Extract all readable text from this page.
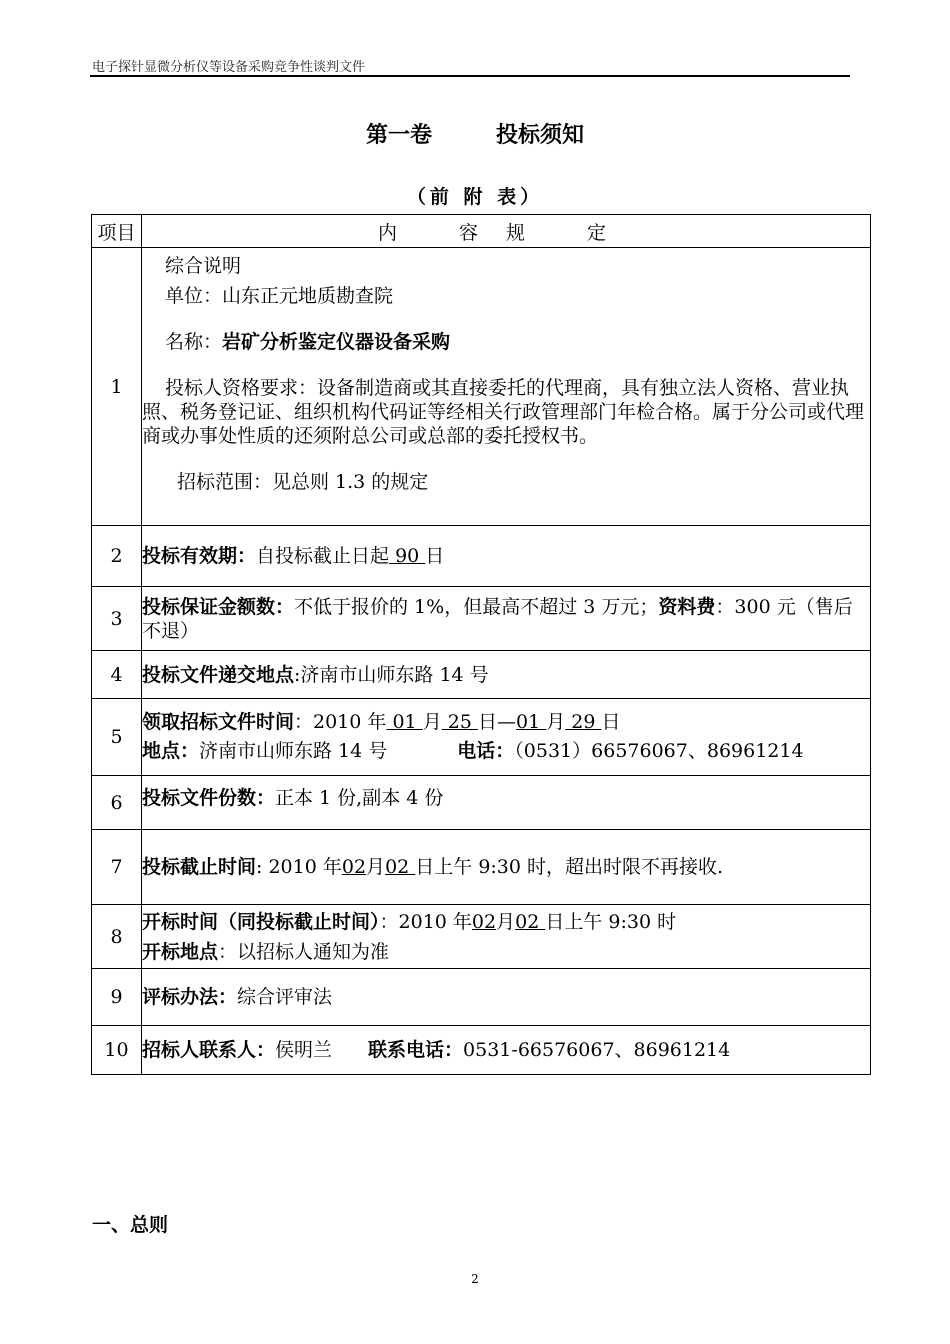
电子探针显微分析仪等设备采购竞争性谈判文件
第一卷	投标须知
（前 附 表）
项目	内 容规 定
1	综合说明
单位：山东正元地质勘查院
名称：岩矿分析鉴定仪器设备采购
投标人资格要求：设备制造商或其直接委托的代理商，具有独立法人资格、营业执照、税务登记证、组织机构代码证等经相关行政管理部门年检合格。属于分公司或代理商或办事处性质的还须附总公司或总部的委托授权书。
招标范围：见总则 1.3 的规定

2	投标有效期：自投标截止日起 90 日
3	投标保证金额数：不低于报价的 1%，但最高不超过 3 万元；资料费：300 元（售后不退）
4	投标文件递交地点:济南市山师东路 14 号
5	领取招标文件时间：2010 年 01 月 25 日—01 月 29 日
地点：济南市山师东路 14 号 电话：（0531）66576067、86961214

6	投标文件份数：正本 1 份,副本 4 份
7	投标截止时间: 2010 年02月02 日上午 9:30 时，超出时限不再接收.
8	开标时间（同投标截止时间）：2010 年02月02 日上午 9:30 时
开标地点：以招标人通知为准

9	评标办法：综合评审法
10	招标人联系人：侯明兰 联系电话：0531-66576067、86961214
一、总则
2
